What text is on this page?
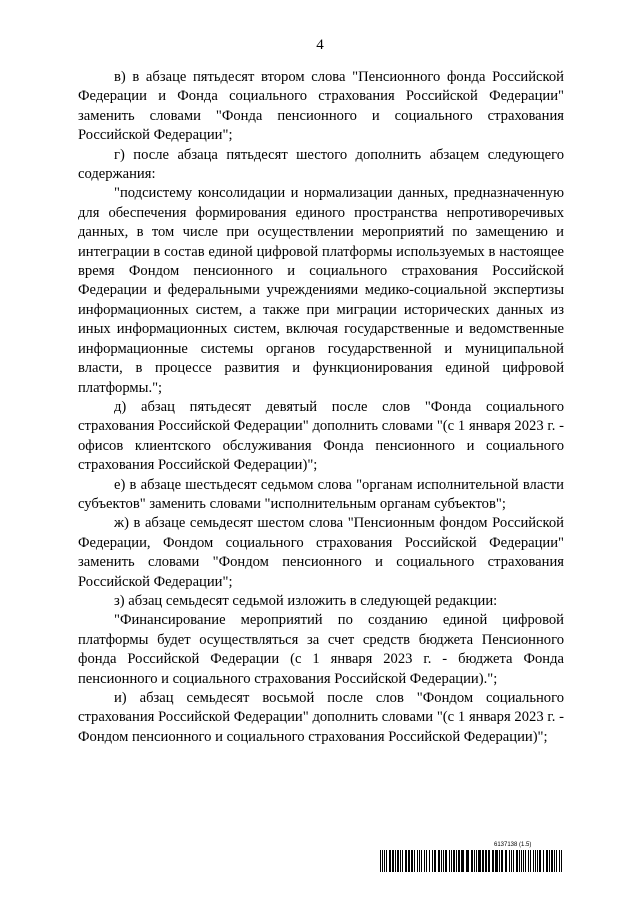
4

в) в абзаце пятьдесят втором слова "Пенсионного фонда Российской Федерации и Фонда социального страхования Российской Федерации" заменить словами "Фонда пенсионного и социального страхования Российской Федерации";

г) после абзаца пятьдесят шестого дополнить абзацем следующего содержания:

"подсистему консолидации и нормализации данных, предназначенную для обеспечения формирования единого пространства непротиворечивых данных, в том числе при осуществлении мероприятий по замещению и интеграции в состав единой цифровой платформы используемых в настоящее время Фондом пенсионного и социального страхования Российской Федерации и федеральными учреждениями медико-социальной экспертизы информационных систем, а также при миграции исторических данных из иных информационных систем, включая государственные и ведомственные информационные системы органов государственной и муниципальной власти, в процессе развития и функционирования единой цифровой платформы.";

д) абзац пятьдесят девятый после слов "Фонда социального страхования Российской Федерации" дополнить словами "(с 1 января 2023 г. - офисов клиентского обслуживания Фонда пенсионного и социального страхования Российской Федерации)";

е) в абзаце шестьдесят седьмом слова "органам исполнительной власти субъектов" заменить словами "исполнительным органам субъектов";

ж) в абзаце семьдесят шестом слова "Пенсионным фондом Российской Федерации, Фондом социального страхования Российской Федерации" заменить словами "Фондом пенсионного и социального страхования Российской Федерации";

з) абзац семьдесят седьмой изложить в следующей редакции:

"Финансирование мероприятий по созданию единой цифровой платформы будет осуществляться за счет средств бюджета Пенсионного фонда Российской Федерации (с 1 января 2023 г. - бюджета Фонда пенсионного и социального страхования Российской Федерации).";

и) абзац семьдесят восьмой после слов "Фондом социального страхования Российской Федерации" дополнить словами "(с 1 января 2023 г. - Фондом пенсионного и социального страхования Российской Федерации)";

6137138 (1.5)
